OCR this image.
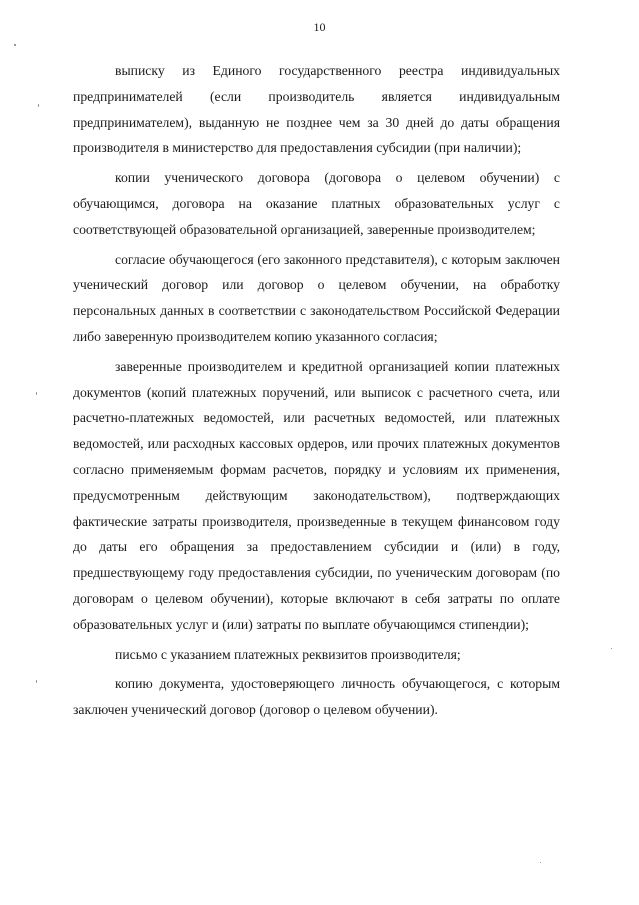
10

выписку из Единого государственного реестра индивидуальных предпринимателей (если производитель является индивидуальным предпринимателем), выданную не позднее чем за 30 дней до даты обращения производителя в министерство для предоставления субсидии (при наличии);

копии ученического договора (договора о целевом обучении) с обучающимся, договора на оказание платных образовательных услуг с соответствующей образовательной организацией, заверенные производителем;

согласие обучающегося (его законного представителя), с которым заключен ученический договор или договор о целевом обучении, на обработку персональных данных в соответствии с законодательством Российской Федерации либо заверенную производителем копию указанного согласия;

заверенные производителем и кредитной организацией копии платежных документов (копий платежных поручений, или выписок с расчетного счета, или расчетно-платежных ведомостей, или расчетных ведомостей, или платежных ведомостей, или расходных кассовых ордеров, или прочих платежных документов согласно применяемым формам расчетов, порядку и условиям их применения, предусмотренным действующим законодательством), подтверждающих фактические затраты производителя, произведенные в текущем финансовом году до даты его обращения за предоставлением субсидии и (или) в году, предшествующему году предоставления субсидии, по ученическим договорам (по договорам о целевом обучении), которые включают в себя затраты по оплате образовательных услуг и (или) затраты по выплате обучающимся стипендии);

письмо с указанием платежных реквизитов производителя;

копию документа, удостоверяющего личность обучающегося, с которым заключен ученический договор (договор о целевом обучении).
